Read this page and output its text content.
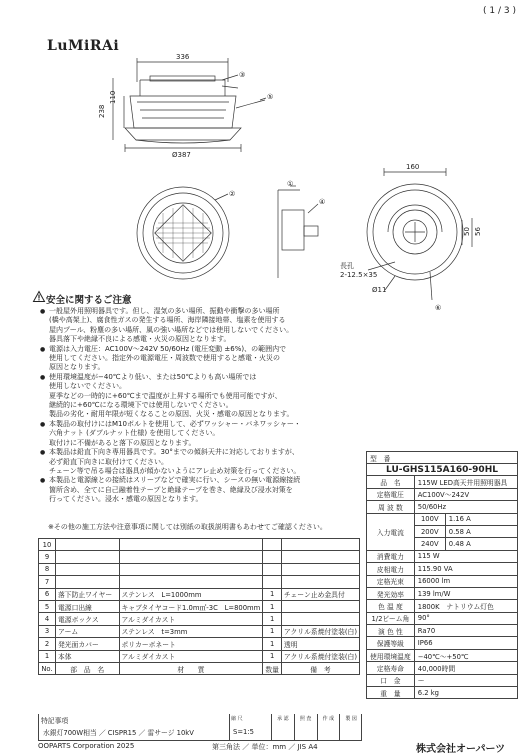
( 1 / 3 )
LuMiRAi
336
110
238
Ø387
160
50 56
Ø11
長孔
2-12.5×35
①
②
③
④
⑤
⑥
安全に関するご注意
● 一般屋外用照明器具です。但し、湿気の多い場所、振動や衝撃の多い場所
(橋や高架上)、腐食性ガスの発生する場所、海岸隣接地帯、塩素を使用する
屋内プール、粉塵の多い場所、風の強い場所などでは使用しないでください。
器具落下や絶縁不良による感電・火災の原因となります。
● 電源は入力電圧：AC100V〜242V 50/60Hz (電圧変動 ±6%)、の範囲内で
使用してください。指定外の電源電圧・周波数で使用すると感電・火災の
原因となります。
● 使用環境温度が−40℃より低い、または50℃よりも高い場所では
使用しないでください。
夏季などの一時的に+60℃まで温度が上昇する場所でも使用可能ですが、
継続的に+60℃になる環境下では使用しないでください。
製品の劣化・耐用年限が短くなることの原因、火災・感電の原因となります。
● 本製品の取付けにはM10ボルトを使用して、必ずワッシャー・バネワッシャー・
六角ナット (ダブルナット仕様) を使用してください。
取付けに不備があると落下の原因となります。
● 本製品は鉛直下向き専用器具です。30°までの傾斜天井に対応しておりますが、
必ず鉛直下向きに取付けてください。
チェーン等で吊る場合は器具が傾かないようにアレ止め対策を行ってください。
● 本製品と電源線との接続はスリーブなどで確実に行い、シースの無い電源線接続
箇所含め、全てに自己融着性テープと絶縁テープを巻き、絶縁及び浸水対策を
行ってください。浸水・感電の原因となります。
※その他の施工方法や注意事項に関しては別紙の取扱説明書もあわせてご確認ください。
型　番		
LU-GHS115A160-90HL		
品　名	115W LED高天井用照明器具	
定格電圧	AC100V〜242V	
周 波 数	50/60Hz	
入力電流	100V	1.16 A
	200V	0.58 A
	240V	0.48 A
消費電力	115 W	
皮相電力	115.90 VA	
定格光束	16000 lm	
発光効率	139 lm/W	
色 温 度	1800K　ナトリウム灯色	
1/2ビーム角	90°	
演 色 性	Ra70	
保護等級	IP66	
使用環境温度	−40℃〜+50℃	
定格寿命	40,000時間	
口　金	ー	
重　量	6.2 kg	
10				
9				
8				
7				
6	落下防止ワイヤー	ステンレス　L=1000mm	1	チェーン止め金具付
5	電源口出線	キャブタイヤコード1.0m㎡-3C　L=800mm	1	
4	電源ボックス	アルミダイカスト	1	
3	アーム	ステンレス　t=3mm	1	アクリル系焼付塗装(白)
2	発光面カバー	ポリカーボネート	1	透明
1	本体	アルミダイカスト	1	アクリル系焼付塗装(白)
No.	部　品　名	材　　質	数量	備　考
特記事項
水銀灯700W相当 ／ CISPR15 ／ 雷サージ 10kV
縮 尺
S=1:5
承 認	照 査	作 成	製 図
OOPARTS Corporation 2025	第三角法 ／ 単位：mm ／ JIS A4	株式会社オーパーツ
